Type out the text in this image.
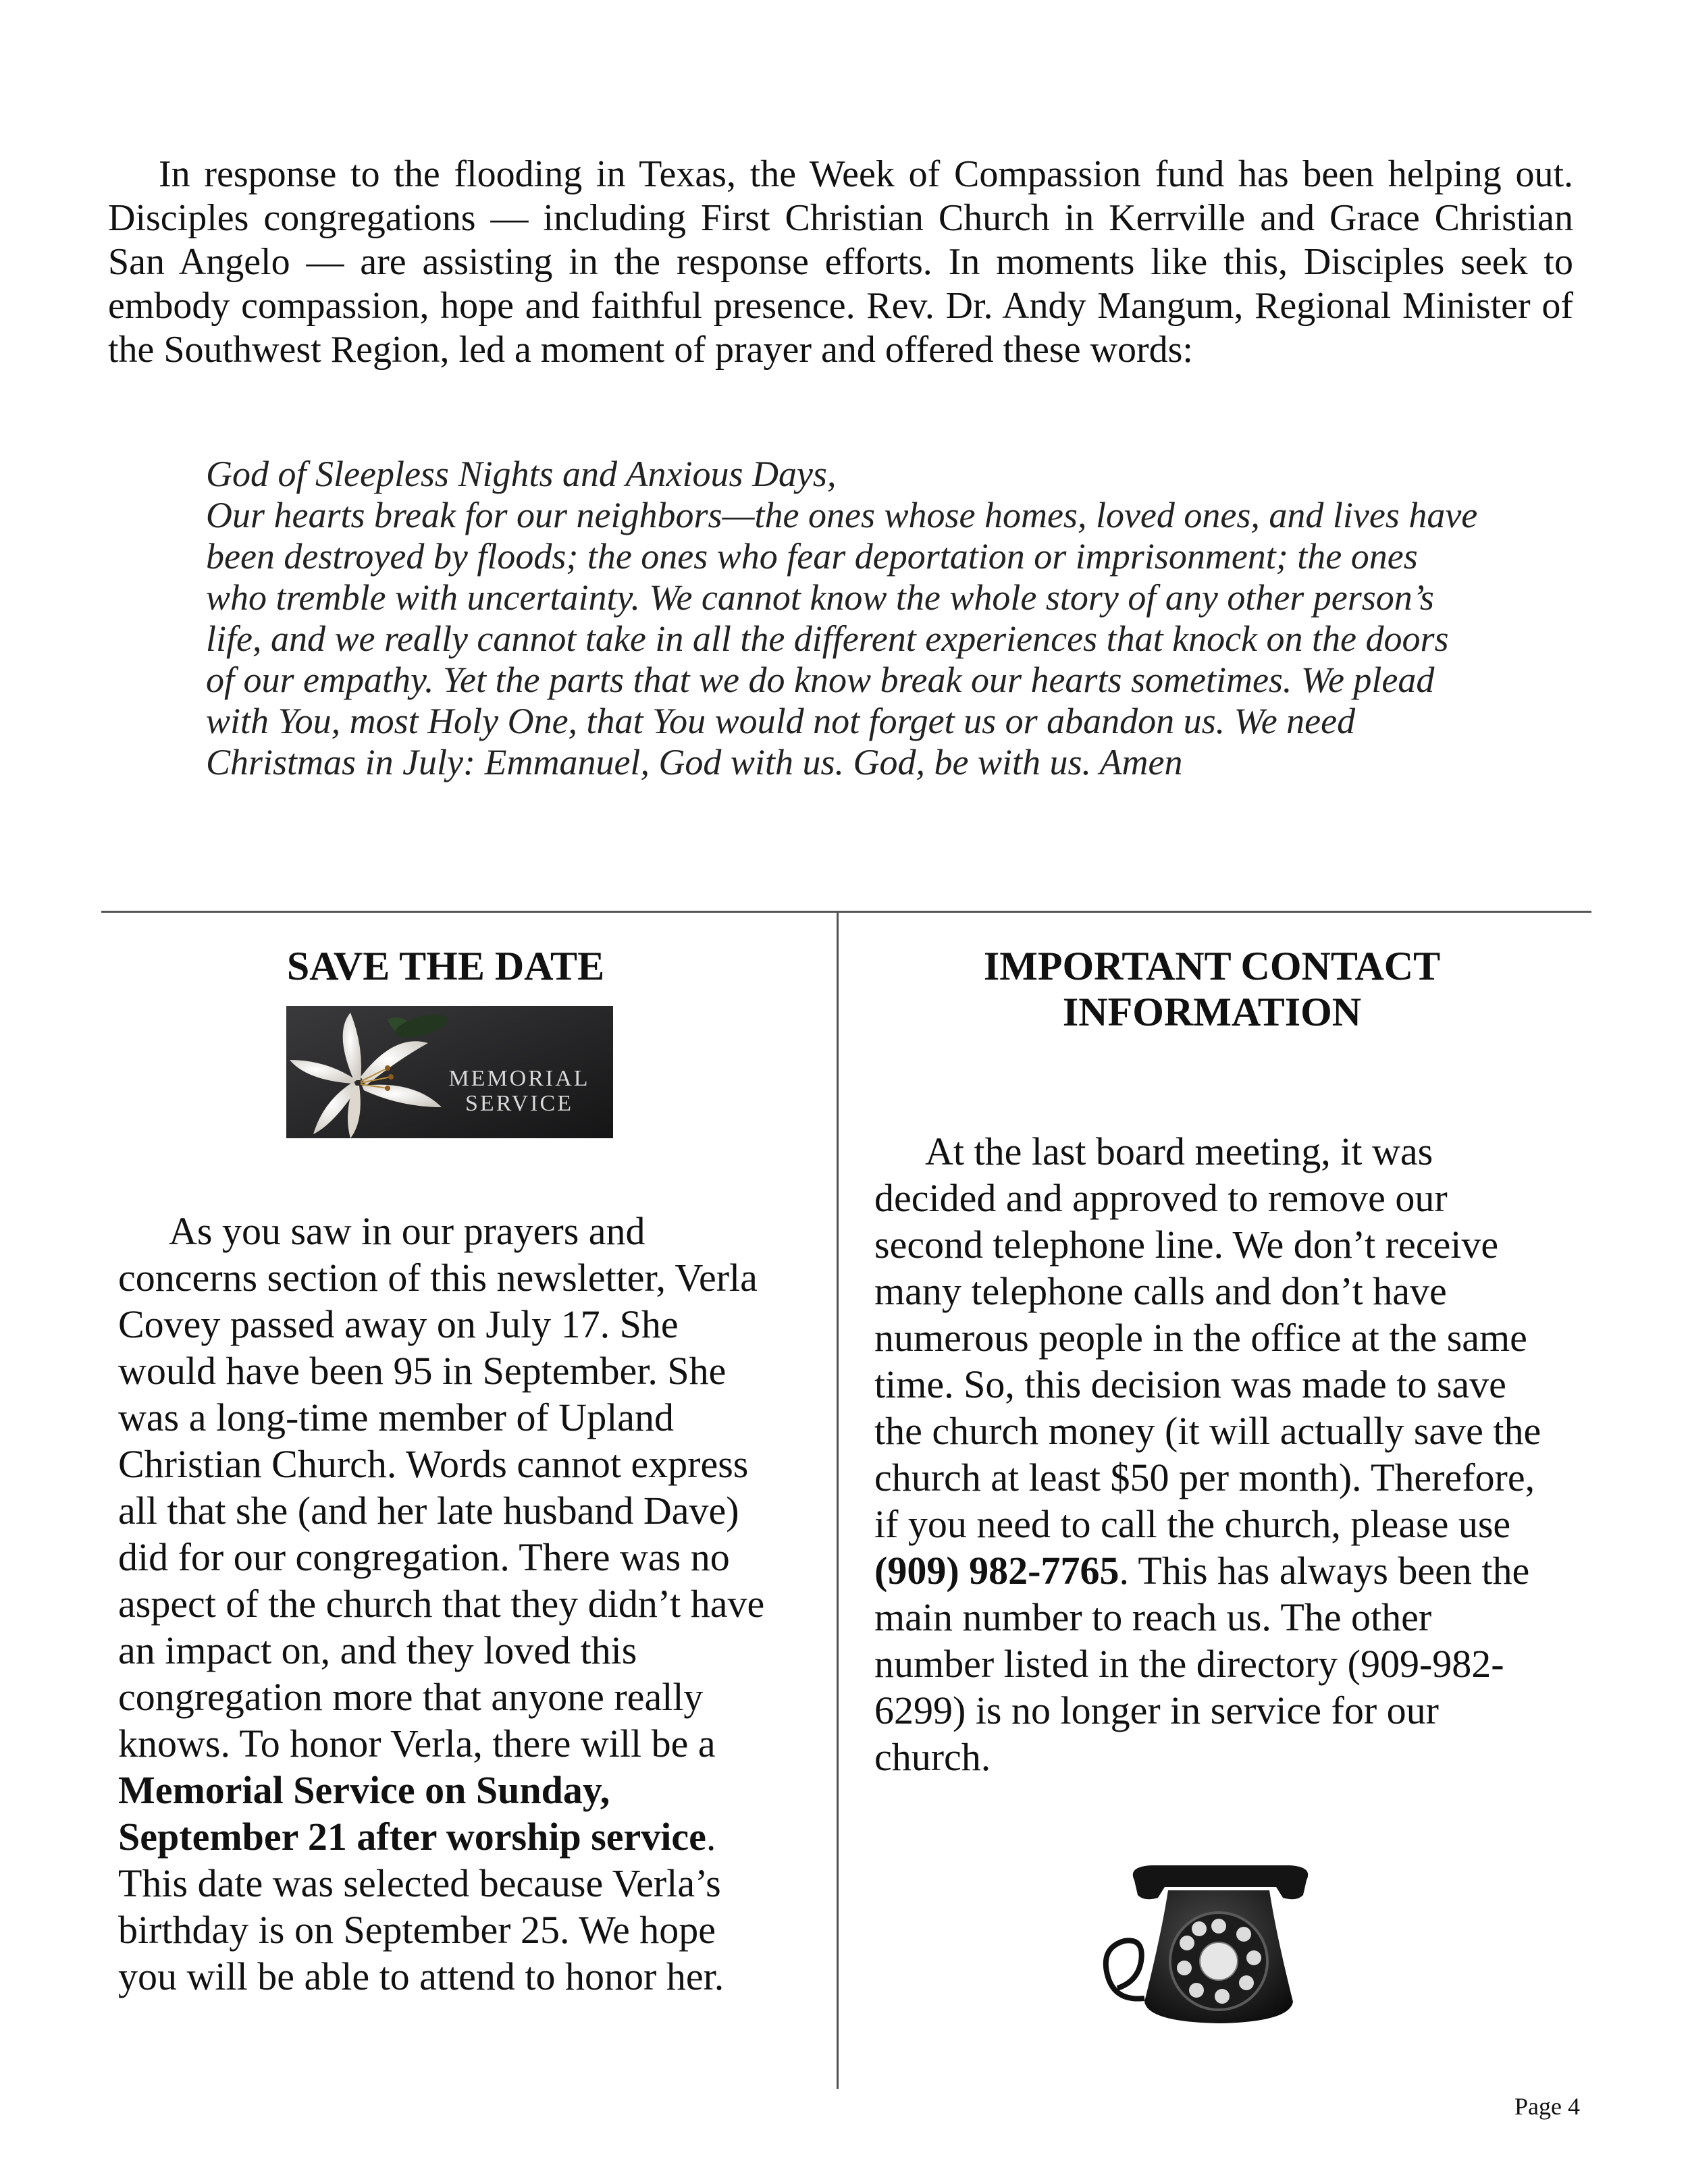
In response to the flooding in Texas, the Week of Compassion fund has been helping out. Disciples congregations — including First Christian Church in Kerrville and Grace Christian San Angelo — are assisting in the response efforts. In moments like this, Disciples seek to embody compassion, hope and faithful presence. Rev. Dr. Andy Mangum, Regional Minister of the Southwest Region, led a moment of prayer and offered these words:

God of Sleepless Nights and Anxious Days,

Our hearts break for our neighbors—the ones whose homes, loved ones, and lives have been destroyed by floods; the ones who fear deportation or imprisonment; the ones who tremble with uncertainty. We cannot know the whole story of any other person’s life, and we really cannot take in all the different experiences that knock on the doors of our empathy. Yet the parts that we do know break our hearts sometimes. We plead with You, most Holy One, that You would not forget us or abandon us. We need Christmas in July: Emmanuel, God with us. God, be with us. Amen

SAVE THE DATE
MEMORIAL
SERVICE

As you saw in our prayers and concerns section of this newsletter, Verla Covey passed away on July 17. She would have been 95 in September. She was a long-time member of Upland Christian Church. Words cannot express all that she (and her late husband Dave) did for our congregation. There was no aspect of the church that they didn’t have an impact on, and they loved this congregation more that anyone really knows. To honor Verla, there will be a Memorial Service on Sunday, September 21 after worship service. This date was selected because Verla’s birthday is on September 25. We hope you will be able to attend to honor her.

IMPORTANT CONTACT INFORMATION

At the last board meeting, it was decided and approved to remove our second telephone line. We don’t receive many telephone calls and don’t have numerous people in the office at the same time. So, this decision was made to save the church money (it will actually save the church at least $50 per month). Therefore, if you need to call the church, please use (909) 982-7765. This has always been the main number to reach us. The other number listed in the directory (909-982-6299) is no longer in service for our church.

Page 4
